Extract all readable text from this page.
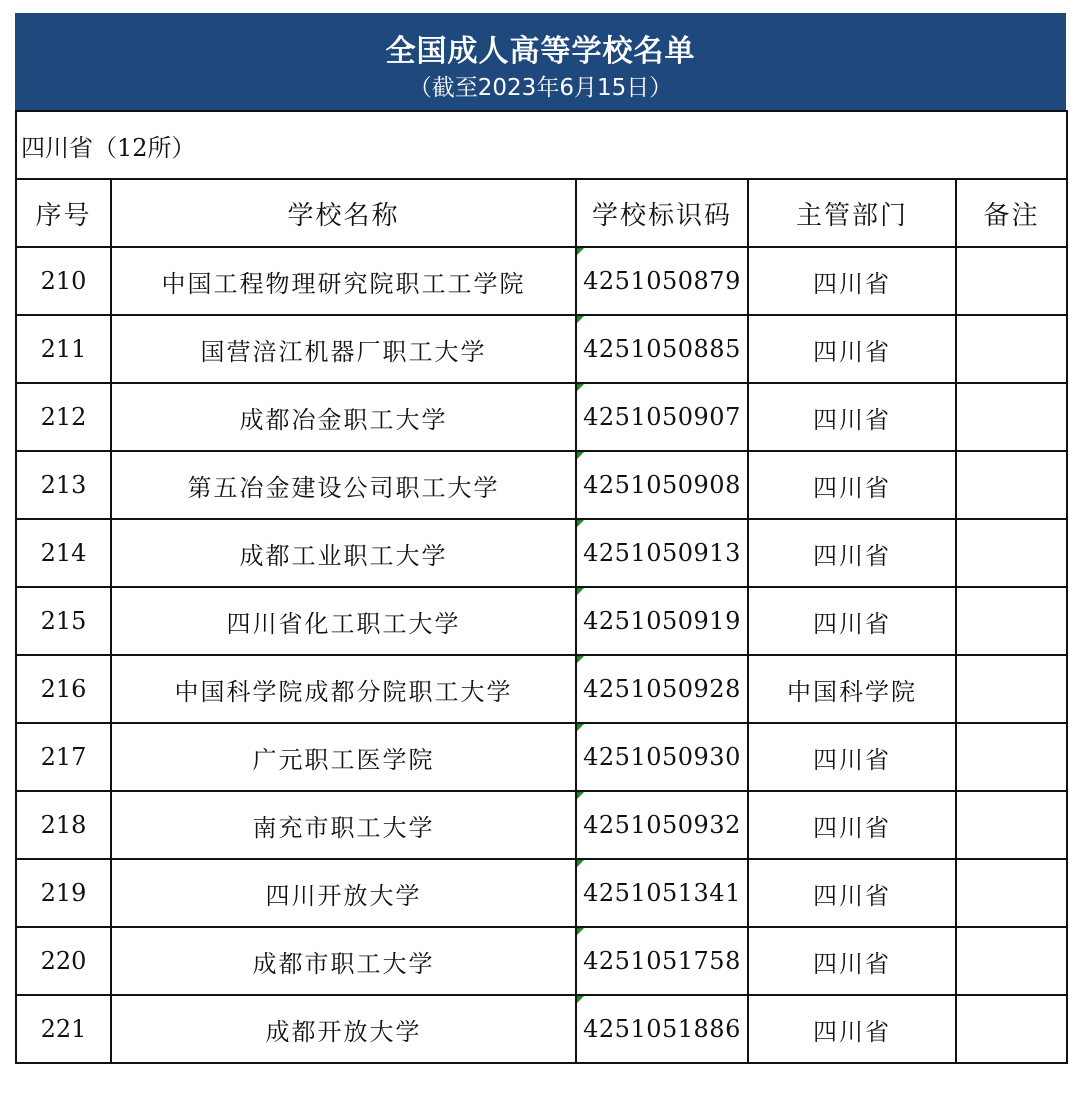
全国成人高等学校名单
（截至2023年6月15日）
四川省（12所）				
序号	学校名称	学校标识码	主管部门	备注
210	中国工程物理研究院职工工学院	4251050879	四川省	
211	国营涪江机器厂职工大学	4251050885	四川省	
212	成都冶金职工大学	4251050907	四川省	
213	第五冶金建设公司职工大学	4251050908	四川省	
214	成都工业职工大学	4251050913	四川省	
215	四川省化工职工大学	4251050919	四川省	
216	中国科学院成都分院职工大学	4251050928	中国科学院	
217	广元职工医学院	4251050930	四川省	
218	南充市职工大学	4251050932	四川省	
219	四川开放大学	4251051341	四川省	
220	成都市职工大学	4251051758	四川省	
221	成都开放大学	4251051886	四川省	
